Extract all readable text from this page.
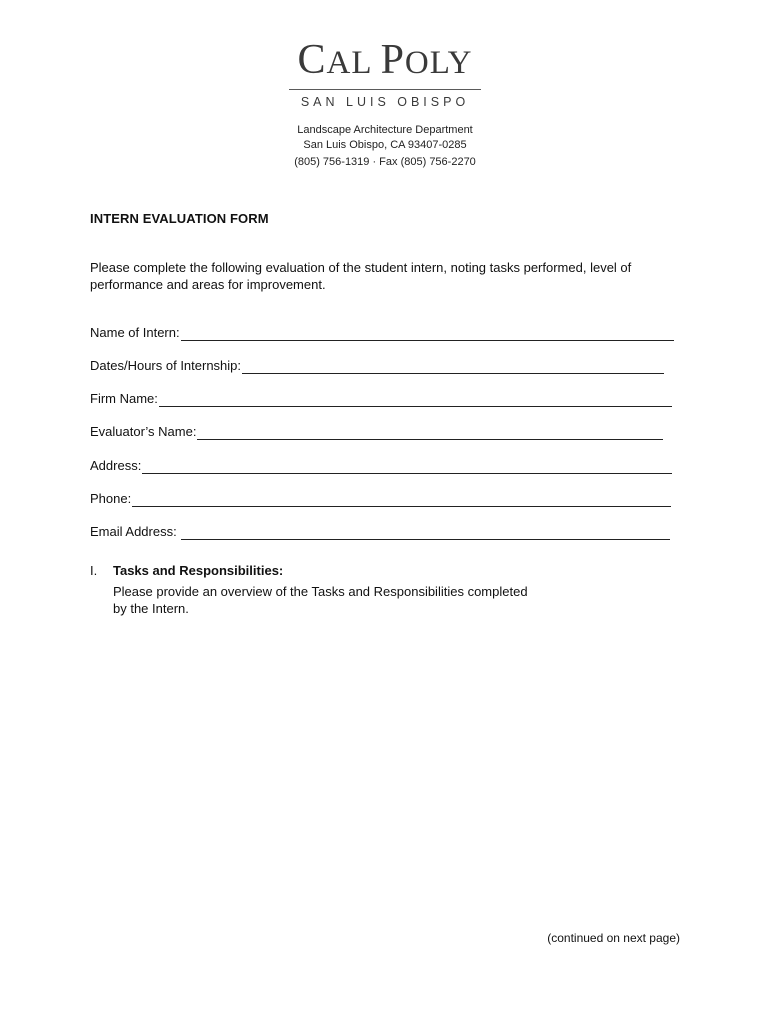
CAL POLY
SAN LUIS OBISPO
Landscape Architecture Department
San Luis Obispo, CA 93407-0285

(805) 756-1319 · Fax (805) 756-2270
INTERN EVALUATION FORM
Please complete the following evaluation of the student intern, noting tasks performed, level of performance and areas for improvement.
Name of Intern:
Dates/Hours of Internship:
Firm Name:
Evaluator’s Name:
Address:
Phone:
Email Address:
I. Tasks and Responsibilities:
Please provide an overview of the Tasks and Responsibilities completed by the Intern.
(continued on next page)
